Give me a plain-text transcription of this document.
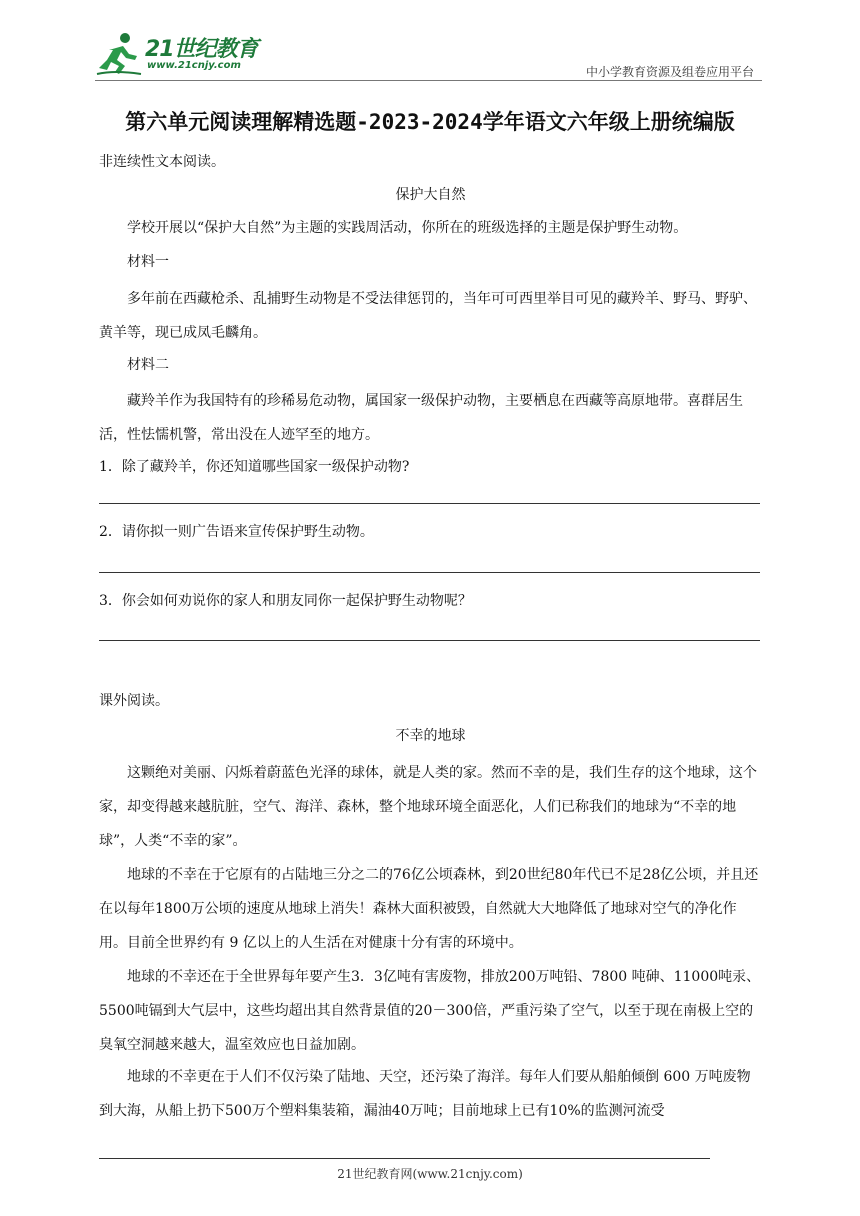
21世纪教育
www.21cnjy.com	中小学教育资源及组卷应用平台
第六单元阅读理解精选题-2023-2024学年语文六年级上册统编版
非连续性文本阅读。
保护大自然
学校开展以“保护大自然”为主题的实践周活动，你所在的班级选择的主题是保护野生动物。
材料一
多年前在西藏枪杀、乱捕野生动物是不受法律惩罚的，当年可可西里举目可见的藏羚羊、野马、野驴、黄羊等，现已成凤毛麟角。
材料二
藏羚羊作为我国特有的珍稀易危动物，属国家一级保护动物，主要栖息在西藏等高原地带。喜群居生活，性怯懦机警，常出没在人迹罕至的地方。
1．除了藏羚羊，你还知道哪些国家一级保护动物?
2．请你拟一则广告语来宣传保护野生动物。
3．你会如何劝说你的家人和朋友同你一起保护野生动物呢？
课外阅读。
不幸的地球
这颗绝对美丽、闪烁着蔚蓝色光泽的球体，就是人类的家。然而不幸的是，我们生存的这个地球，这个家，却变得越来越肮脏，空气、海洋、森林，整个地球环境全面恶化，人们已称我们的地球为“不幸的地球”，人类“不幸的家”。
地球的不幸在于它原有的占陆地三分之二的76亿公顷森林，到20世纪80年代已不足28亿公顷，并且还在以每年1800万公顷的速度从地球上消失！森林大面积被毁，自然就大大地降低了地球对空气的净化作用。目前全世界约有 9 亿以上的人生活在对健康十分有害的环境中。
地球的不幸还在于全世界每年要产生3．3亿吨有害废物，排放200万吨铅、7800 吨砷、11000吨汞、5500吨镉到大气层中，这些均超出其自然背景值的20－300倍，严重污染了空气，以至于现在南极上空的臭氧空洞越来越大，温室效应也日益加剧。
地球的不幸更在于人们不仅污染了陆地、天空，还污染了海洋。每年人们要从船舶倾倒 600 万吨废物到大海，从船上扔下500万个塑料集装箱，漏油40万吨；目前地球上已有10%的监测河流受
21世纪教育网(www.21cnjy.com)
